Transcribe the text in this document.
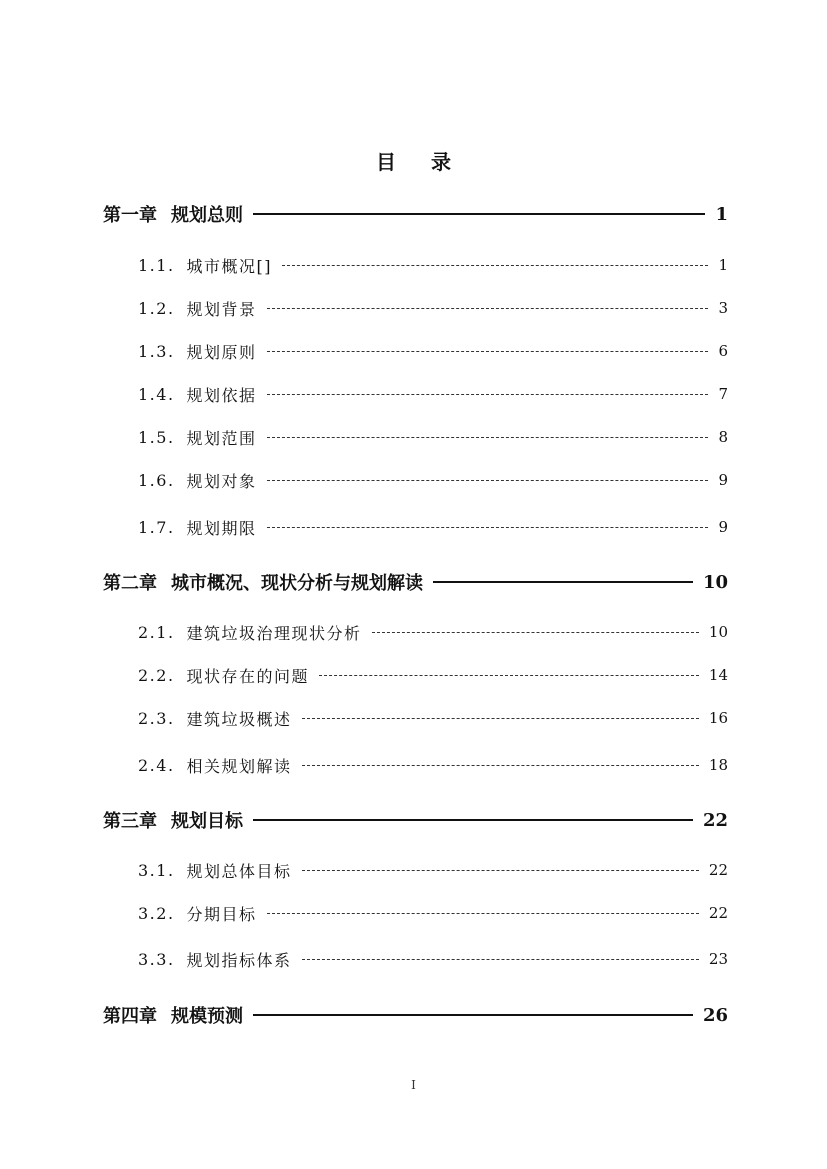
目 录
第一章 规划总则	1
1.1. 城市概况[]	1
1.2. 规划背景	3
1.3. 规划原则	6
1.4. 规划依据	7
1.5. 规划范围	8
1.6. 规划对象	9
1.7. 规划期限	9
第二章 城市概况、现状分析与规划解读	10
2.1. 建筑垃圾治理现状分析	10
2.2. 现状存在的问题	14
2.3. 建筑垃圾概述	16
2.4. 相关规划解读	18
第三章 规划目标	22
3.1. 规划总体目标	22
3.2. 分期目标	22
3.3. 规划指标体系	23
第四章 规模预测	26
I
